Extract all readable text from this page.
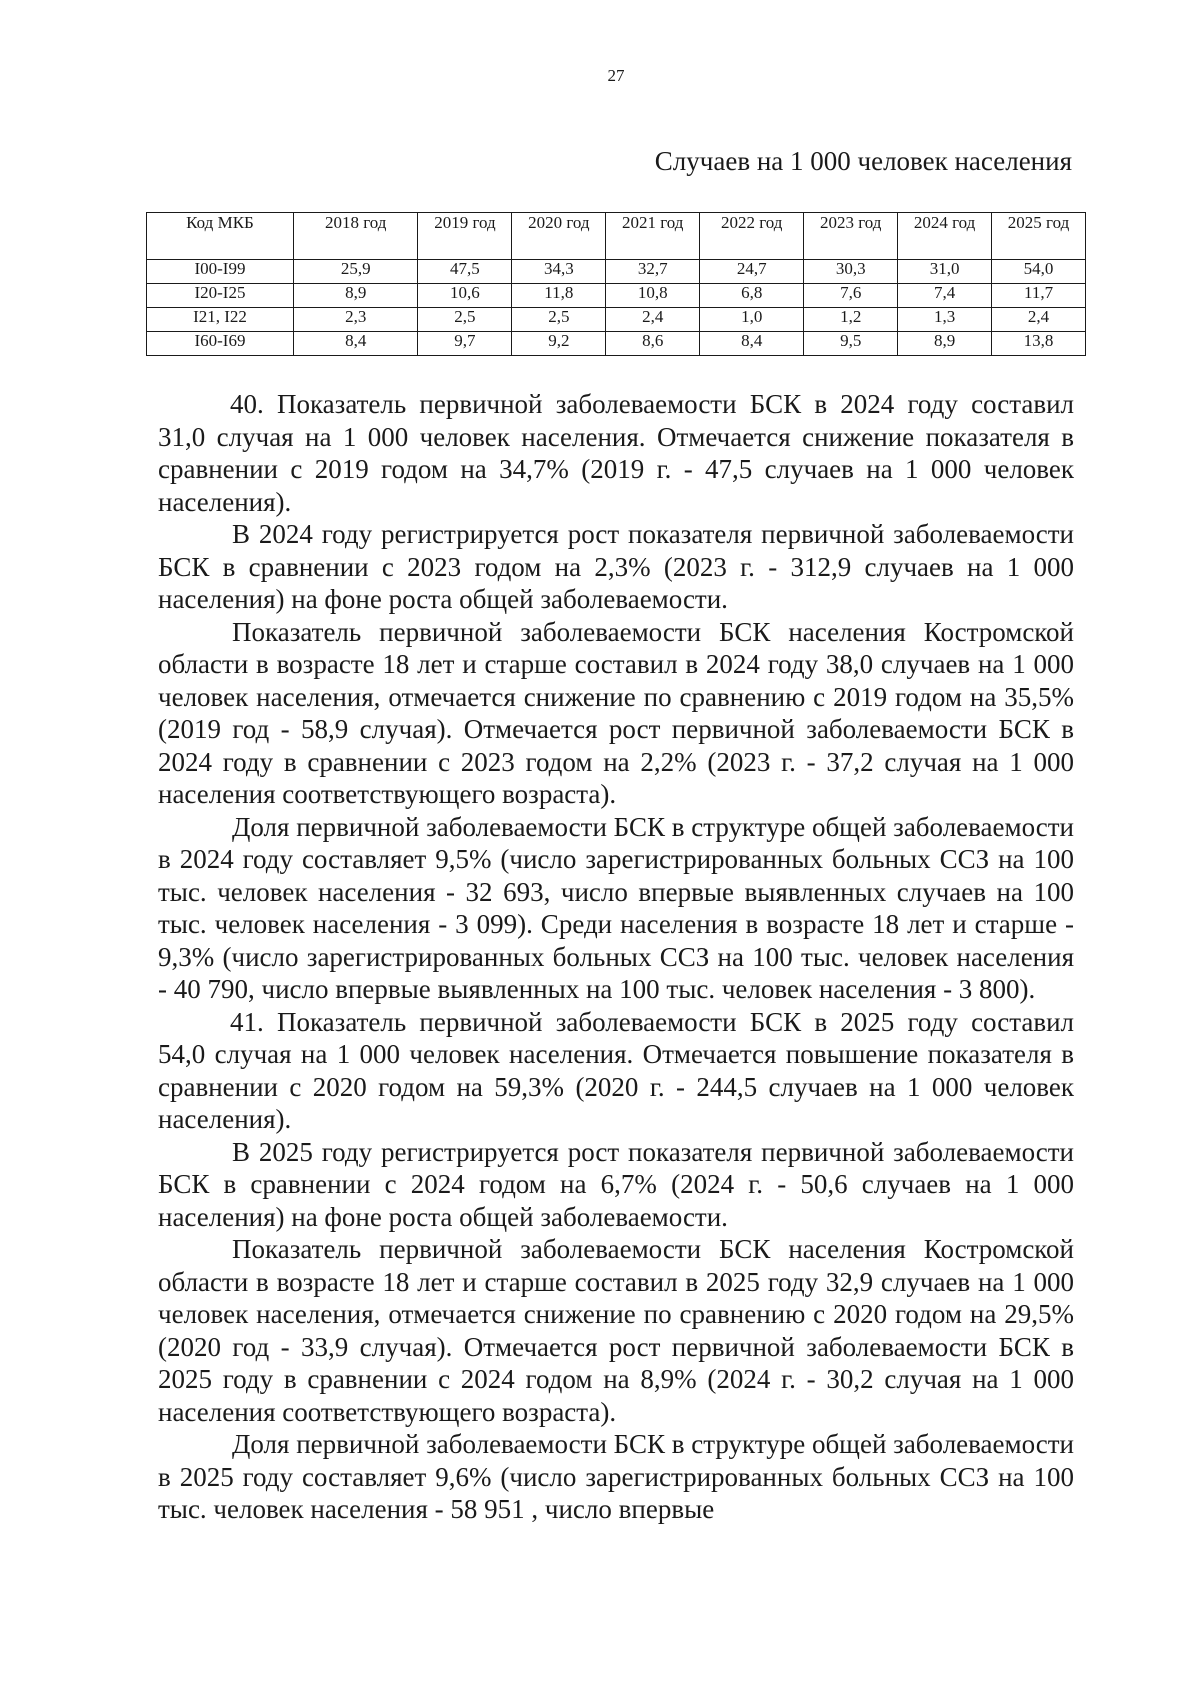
27
Случаев на 1 000 человек населения
Код МКБ	2018 год	2019 год	2020 год	2021 год	2022 год	2023 год	2024 год	2025 год
I00-I99	25,9	47,5	34,3	32,7	24,7	30,3	31,0	54,0
I20-I25	8,9	10,6	11,8	10,8	6,8	7,6	7,4	11,7
I21, I22	2,3	2,5	2,5	2,4	1,0	1,2	1,3	2,4
I60-I69	8,4	9,7	9,2	8,6	8,4	9,5	8,9	13,8

40. Показатель первичной заболеваемости БСК в 2024 году составил 31,0 случая на 1 000 человек населения. Отмечается снижение показателя в сравнении с 2019 годом на 34,7% (2019 г. - 47,5 случаев на 1 000 человек населения).

В 2024 году регистрируется рост показателя первичной заболеваемости БСК в сравнении с 2023 годом на 2,3% (2023 г. - 312,9 случаев на 1 000 населения) на фоне роста общей заболеваемости.

Показатель первичной заболеваемости БСК населения Костромской области в возрасте 18 лет и старше составил в 2024 году 38,0 случаев на 1 000 человек населения, отмечается снижение по сравнению с 2019 годом на 35,5% (2019 год - 58,9 случая). Отмечается рост первичной заболеваемости БСК в 2024 году в сравнении с 2023 годом на 2,2% (2023 г. - 37,2 случая на 1 000 населения соответствующего возраста).

Доля первичной заболеваемости БСК в структуре общей заболеваемости в 2024 году составляет 9,5% (число зарегистрированных больных ССЗ на 100 тыс. человек населения - 32 693, число впервые выявленных случаев на 100 тыс. человек населения - 3 099). Среди населения в возрасте 18 лет и старше - 9,3% (число зарегистрированных больных ССЗ на 100 тыс. человек населения - 40 790, число впервые выявленных на 100 тыс. человек населения - 3 800).

41. Показатель первичной заболеваемости БСК в 2025 году составил 54,0 случая на 1 000 человек населения. Отмечается повышение показателя в сравнении с 2020 годом на 59,3% (2020 г. - 244,5 случаев на 1 000 человек населения).

В 2025 году регистрируется рост показателя первичной заболеваемости БСК в сравнении с 2024 годом на 6,7% (2024 г. - 50,6 случаев на 1 000 населения) на фоне роста общей заболеваемости.

Показатель первичной заболеваемости БСК населения Костромской области в возрасте 18 лет и старше составил в 2025 году 32,9 случаев на 1 000 человек населения, отмечается снижение по сравнению с 2020 годом на 29,5% (2020 год - 33,9 случая). Отмечается рост первичной заболеваемости БСК в 2025 году в сравнении с 2024 годом на 8,9% (2024 г. - 30,2 случая на 1 000 населения соответствующего возраста).

Доля первичной заболеваемости БСК в структуре общей заболеваемости в 2025 году составляет 9,6% (число зарегистрированных больных ССЗ на 100 тыс. человек населения - 58 951 , число впервые
